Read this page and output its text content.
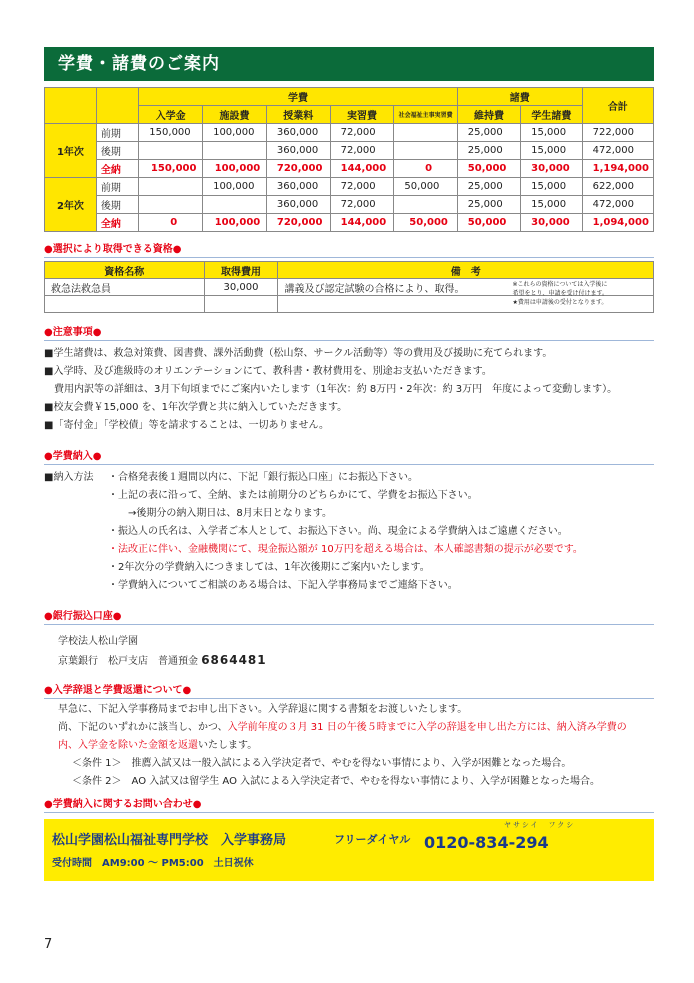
学費・諸費のご案内
		学費					諸費		合計
		入学金	施設費	授業料	実習費	社会福祉主事実習費	維持費	学生諸費	
1年次	前期	150,000	100,000	360,000	72,000		25,000	15,000	722,000
	後期			360,000	72,000		25,000	15,000	472,000
	全納	150,000	100,000	720,000	144,000	0	50,000	30,000	1,194,000
2年次	前期		100,000	360,000	72,000	50,000	25,000	15,000	622,000
	後期			360,000	72,000		25,000	15,000	472,000
	全納	0	100,000	720,000	144,000	50,000	50,000	30,000	1,094,000
●選択により取得できる資格●
資格名称	取得費用	備　考
救急法救急員	30,000	講義及び認定試験の合格により、取得。 ※これらの資格については入学後に
希望をとり、申請を受け付けます。
★費用は申請後の受付となります。

●注意事項●

■学生諸費は、救急対策費、図書費、課外活動費（松山祭、サークル活動等）等の費用及び援助に充てられます。

■入学時、及び進級時のオリエンテーションにて、教科書・教材費用を、別途お支払いただきます。

　費用内訳等の詳細は、3月下旬頃までにご案内いたします（1年次：約 8万円・2年次：約 3万円　年度によって変動します）。

■校友会費￥15,000 を、1年次学費と共に納入していただきます。

■「寄付金」「学校債」等を請求することは、一切ありません。

●学費納入●
■納入方法	・合格発表後１週間以内に、下記「銀行振込口座」にお振込下さい。

・上記の表に沿って、全納、または前期分のどちらかにて、学費をお振込下さい。

　　→後期分の納入期日は、8月末日となります。

・振込人の氏名は、入学者ご本人として、お振込下さい。尚、現金による学費納入はご遠慮ください。

・法改正に伴い、金融機関にて、現金振込額が 10万円を超える場合は、本人確認書類の提示が必要です。

・2年次分の学費納入につきましては、1年次後期にご案内いたします。

・学費納入についてご相談のある場合は、下記入学事務局までご連絡下さい。

●銀行振込口座●

学校法人松山学園

京葉銀行　松戸支店　普通預金 6864481

●入学辞退と学費返還について●

早急に、下記入学事務局までお申し出下さい。入学辞退に関する書類をお渡しいたします。

尚、下記のいずれかに該当し、かつ、入学前年度の３月 31 日の午後５時までに入学の辞退を申し出た方には、納入済み学費の

内、入学金を除いた金額を返還いたします。

＜条件 1＞　推薦入試又は一般入試による入学決定者で、やむを得ない事情により、入学が困難となった場合。

＜条件 2＞　AO 入試又は留学生 AO 入試による入学決定者で、やむを得ない事情により、入学が困難となった場合。

●学費納入に関するお問い合わせ●
松山学園松山福祉専門学校　入学事務局	フリーダイヤル
ヤサシイ　フクシ
0120-834-294
受付時間　AM9:00 ～ PM5:00　土日祝休
7
